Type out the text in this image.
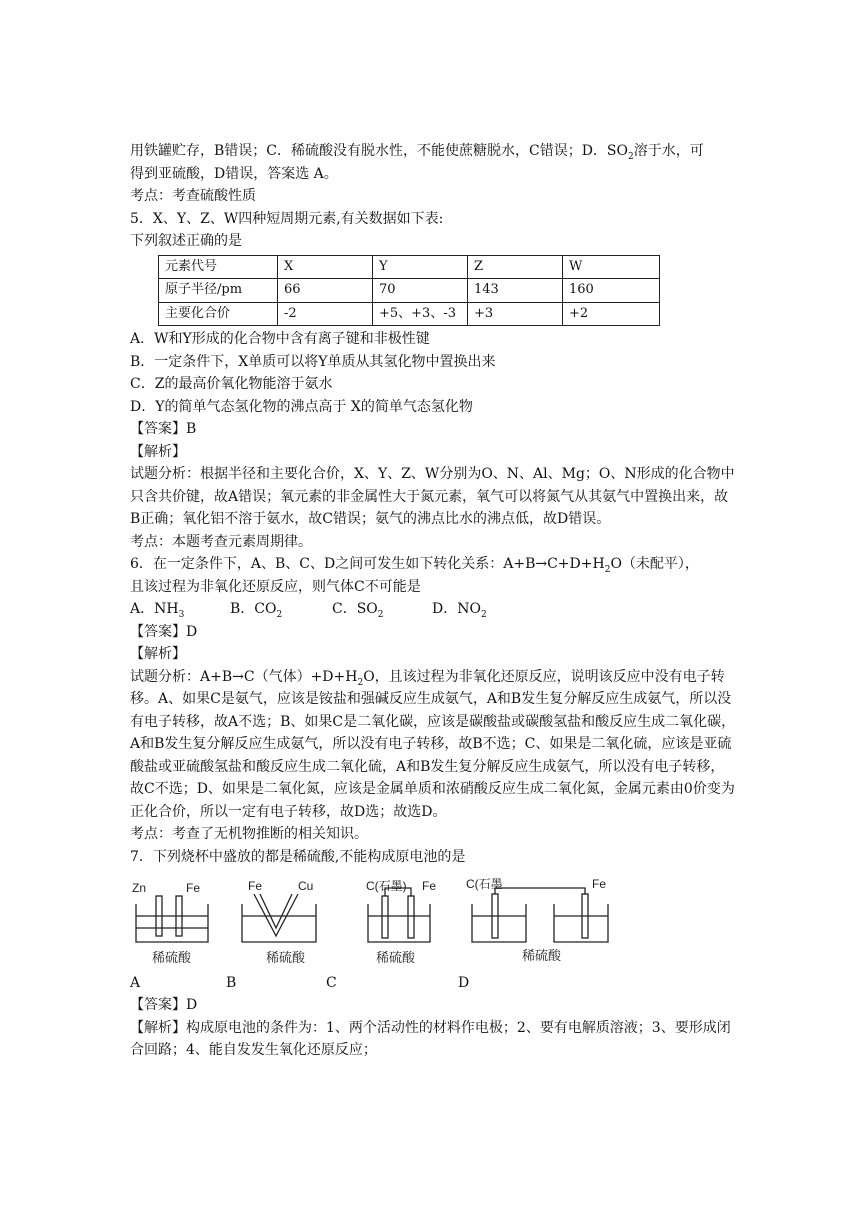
用铁罐贮存，B错误；C．稀硫酸没有脱水性，不能使蔗糖脱水，C错误；D．$SO_2$溶于水，可

得到亚硫酸，D错误，答案选 A。

考点：考查硫酸性质

5．X、Y、Z、W四种短周期元素,有关数据如下表:

下列叙述正确的是

元素代号	X	Y	Z	W
原子半径/pm	66	70	143	160
主要化合价	-2	+5、+3、-3	+3	+2

A．W和Y形成的化合物中含有离子键和非极性键

B．一定条件下，X单质可以将Y单质从其氢化物中置换出来

C．Z的最高价氧化物能溶于氨水

D．Y的简单气态氢化物的沸点高于 X的简单气态氢化物

【答案】B

【解析】

试题分析：根据半径和主要化合价，X、Y、Z、W分别为O、N、Al、Mg；O、N形成的化合物中只含共价键，故A错误；氧元素的非金属性大于氮元素，氧气可以将氮气从其氨气中置换出来，故B正确；氧化铝不溶于氨水，故C错误；氨气的沸点比水的沸点低，故D错误。

考点：本题考查元素周期律。

6．在一定条件下，A、B、C、D之间可发生如下转化关系：$A+B\to C+D+H_2O$（未配平），

且该过程为非氧化还原反应，则气体C不可能是

A．$NH_3$	B．$CO_2$	C．$SO_2$	D．$NO_2$

【答案】D

【解析】

试题分析：A+B→C（气体）$+D+H_2O$，且该过程为非氧化还原反应，说明该反应中没有电子转移。A、如果C是氨气，应该是铵盐和强碱反应生成氨气，A和B发生复分解反应生成氨气，所以没有电子转移，故A不选；B、如果C是二氧化碳，应该是碳酸盐或碳酸氢盐和酸反应生成二氧化碳，A和B发生复分解反应生成氨气，所以没有电子转移，故B不选；C、如果是二氧化硫，应该是亚硫酸盐或亚硫酸氢盐和酸反应生成二氧化硫，A和B发生复分解反应生成氨气，所以没有电子转移，故C不选；D、如果是二氧化氮，应该是金属单质和浓硝酸反应生成二氧化氮，金属元素由0价变为正化合价，所以一定有电子转移，故D选；故选D。

考点：考查了无机物推断的相关知识。

7．下列烧杯中盛放的都是稀硫酸,不能构成原电池的是

Zn	Fe	Fe	Cu	C(石墨) Fe C(石墨	Fe
稀硫酸	稀硫酸	稀硫酸	稀硫酸
A	B	C	D

【答案】D

【解析】构成原电池的条件为：1、两个活动性的材料作电极；2、要有电解质溶液；3、要形成闭合回路；4、能自发发生氧化还原反应；
